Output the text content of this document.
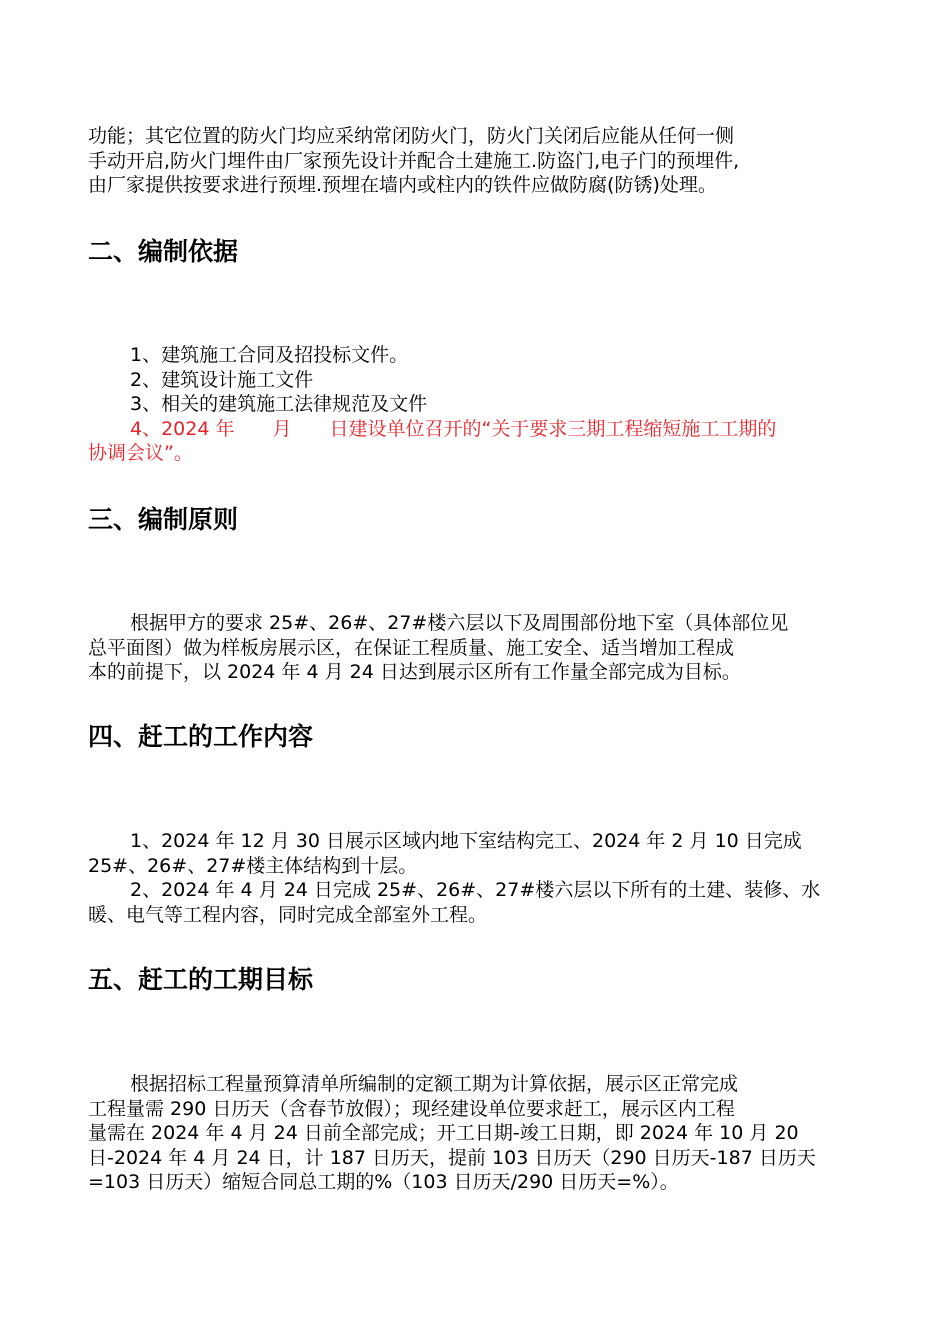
功能；其它位置的防火门均应采纳常闭防火门，防火门关闭后应能从任何一侧
手动开启,防火门埋件由厂家预先设计并配合土建施工.防盗门,电子门的预埋件,
由厂家提供按要求进行预埋.预埋在墙内或柱内的铁件应做防腐(防锈)处理。
二、编制依据
1、建筑施工合同及招投标文件。
2、建筑设计施工文件
3、相关的建筑施工法律规范及文件
4、2024 年　　月　　日建设单位召开的“关于要求三期工程缩短施工工期的
协调会议”。
三、编制原则
根据甲方的要求 25#、26#、27#楼六层以下及周围部份地下室（具体部位见
总平面图）做为样板房展示区，在保证工程质量、施工安全、适当增加工程成
本的前提下，以 2024 年 4 月 24 日达到展示区所有工作量全部完成为目标。
四、赶工的工作内容
1、2024 年 12 月 30 日展示区域内地下室结构完工、2024 年 2 月 10 日完成
25#、26#、27#楼主体结构到十层。
2、2024 年 4 月 24 日完成 25#、26#、27#楼六层以下所有的土建、装修、水
暖、电气等工程内容，同时完成全部室外工程。
五、赶工的工期目标
根据招标工程量预算清单所编制的定额工期为计算依据，展示区正常完成
工程量需 290 日历天（含春节放假）；现经建设单位要求赶工，展示区内工程
量需在 2024 年 4 月 24 日前全部完成；开工日期-竣工日期，即 2024 年 10 月 20
日-2024 年 4 月 24 日，计 187 日历天，提前 103 日历天（290 日历天-187 日历天
=103 日历天）缩短合同总工期的%（103 日历天/290 日历天=%）。
